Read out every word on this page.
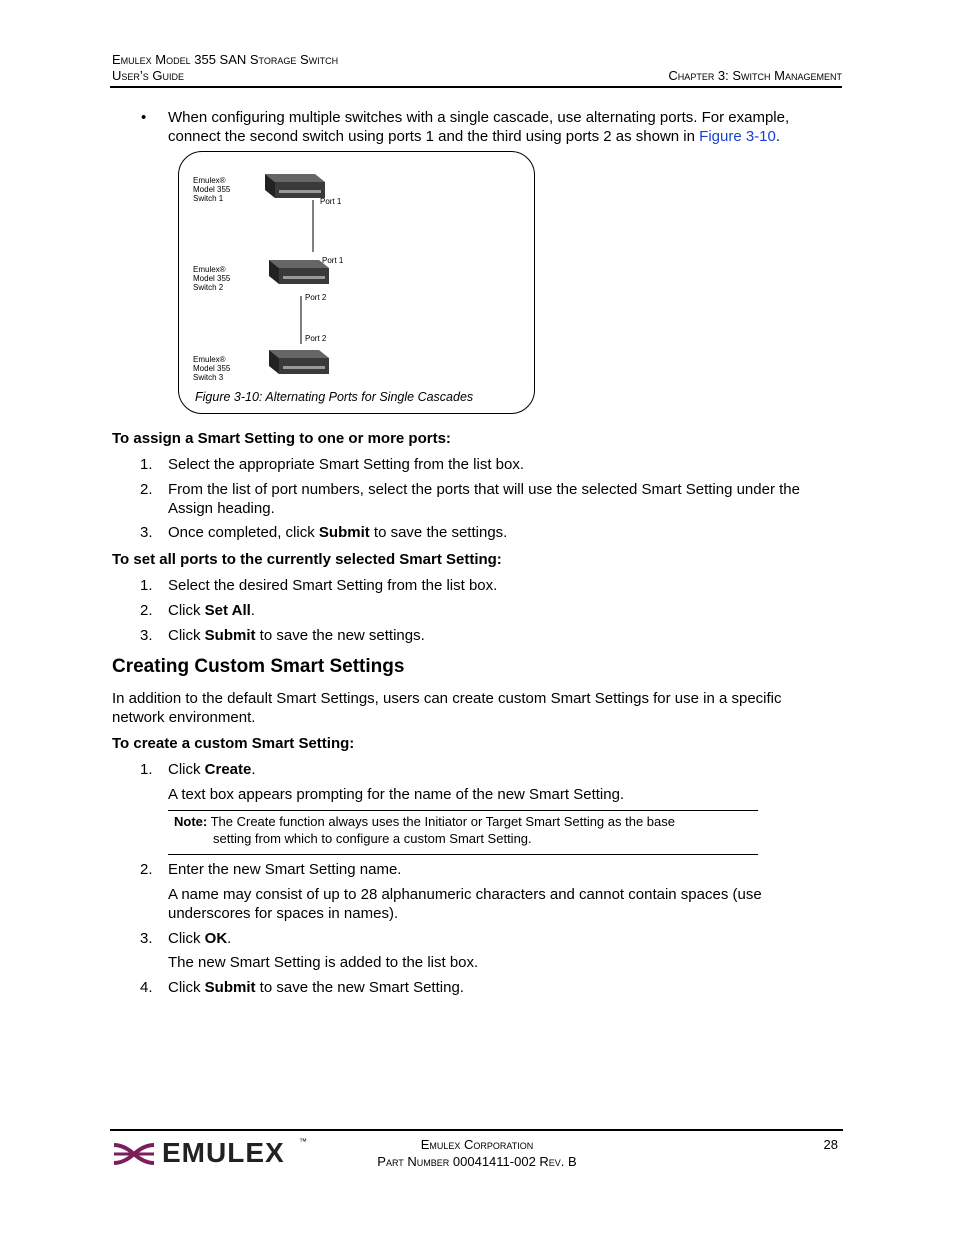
Emulex Model 355 SAN Storage Switch
User’s Guide	Chapter 3: Switch Management
• When configuring multiple switches with a single cascade, use alternating ports. For example,
connect the second switch using ports 1 and the third using ports 2 as shown in Figure 3-10.
Emulex®
Model 355
Switch 1
Emulex®
Model 355
Switch 2
Emulex®
Model 355
Switch 3
Port 1
Port 1
Port 2
Port 2
Figure 3-10: Alternating Ports for Single Cascades
To assign a Smart Setting to one or more ports:
1. Select the appropriate Smart Setting from the list box.
2. From the list of port numbers, select the ports that will use the selected Smart Setting under the
Assign heading.
3. Once completed, click Submit to save the settings.
To set all ports to the currently selected Smart Setting:
1. Select the desired Smart Setting from the list box.
2. Click Set All.
3. Click Submit to save the new settings.
Creating Custom Smart Settings
In addition to the default Smart Settings, users can create custom Smart Settings for use in a specific
network environment.
To create a custom Smart Setting:
1. Click Create.
A text box appears prompting for the name of the new Smart Setting.
Note: The Create function always uses the Initiator or Target Smart Setting as the base
setting from which to configure a custom Smart Setting.
2. Enter the new Smart Setting name.
A name may consist of up to 28 alphanumeric characters and cannot contain spaces (use
underscores for spaces in names).
3. Click OK.
The new Smart Setting is added to the list box.
4. Click Submit to save the new Smart Setting.
EMULEX ™	Emulex Corporation
Part Number 00041411-002 Rev. B
28
